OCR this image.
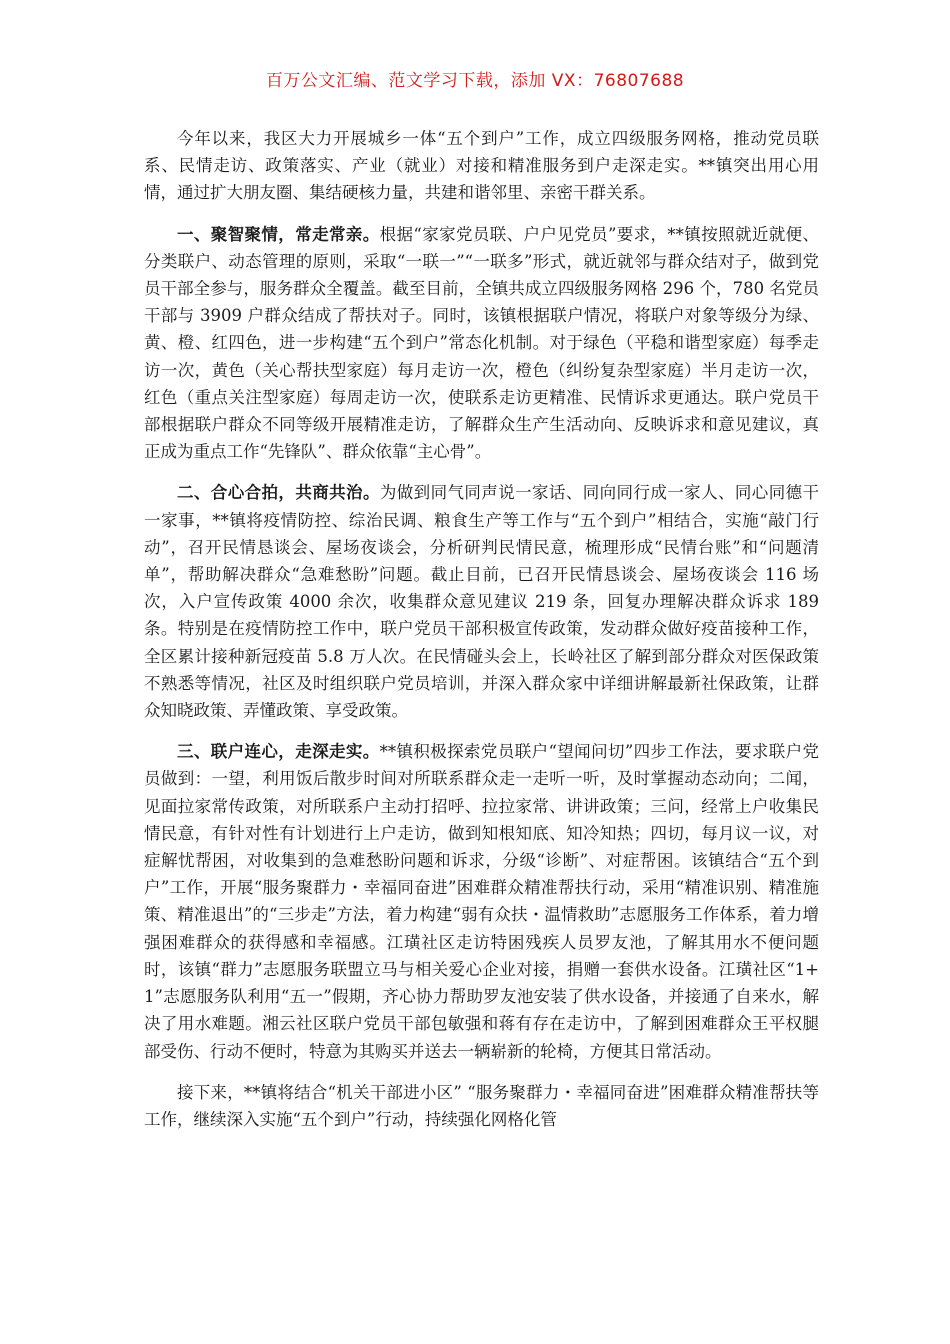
百万公文汇编、范文学习下载，添加 VX：76807688

今年以来，我区大力开展城乡一体“五个到户”工作，成立四级服务网格，推动党员联系、民情走访、政策落实、产业（就业）对接和精准服务到户走深走实。**镇突出用心用情，通过扩大朋友圈、集结硬核力量，共建和谐邻里、亲密干群关系。

一、聚智聚情，常走常亲。根据“家家党员联、户户见党员”要求，**镇按照就近就便、分类联户、动态管理的原则，采取“一联一”“一联多”形式，就近就邻与群众结对子，做到党员干部全参与，服务群众全覆盖。截至目前，全镇共成立四级服务网格 296 个，780 名党员干部与 3909 户群众结成了帮扶对子。同时，该镇根据联户情况，将联户对象等级分为绿、黄、橙、红四色，进一步构建“五个到户”常态化机制。对于绿色（平稳和谐型家庭）每季走访一次，黄色（关心帮扶型家庭）每月走访一次，橙色（纠纷复杂型家庭）半月走访一次，红色（重点关注型家庭）每周走访一次，使联系走访更精准、民情诉求更通达。联户党员干部根据联户群众不同等级开展精准走访，了解群众生产生活动向、反映诉求和意见建议，真正成为重点工作“先锋队”、群众依靠“主心骨”。

二、合心合拍，共商共治。为做到同气同声说一家话、同向同行成一家人、同心同德干一家事，**镇将疫情防控、综治民调、粮食生产等工作与“五个到户”相结合，实施“敲门行动”，召开民情恳谈会、屋场夜谈会，分析研判民情民意，梳理形成“民情台账”和“问题清单”，帮助解决群众“急难愁盼”问题。截止目前，已召开民情恳谈会、屋场夜谈会 116 场次，入户宣传政策 4000 余次，收集群众意见建议 219 条，回复办理解决群众诉求 189 条。特别是在疫情防控工作中，联户党员干部积极宣传政策，发动群众做好疫苗接种工作，全区累计接种新冠疫苗 5.8 万人次。在民情碰头会上，长岭社区了解到部分群众对医保政策不熟悉等情况，社区及时组织联户党员培训，并深入群众家中详细讲解最新社保政策，让群众知晓政策、弄懂政策、享受政策。

三、联户连心，走深走实。**镇积极探索党员联户“望闻问切”四步工作法，要求联户党员做到：一望，利用饭后散步时间对所联系群众走一走听一听，及时掌握动态动向；二闻，见面拉家常传政策，对所联系户主动打招呼、拉拉家常、讲讲政策；三问，经常上户收集民情民意，有针对性有计划进行上户走访，做到知根知底、知冷知热；四切，每月议一议，对症解忧帮困，对收集到的急难愁盼问题和诉求，分级“诊断”、对症帮困。该镇结合“五个到户”工作，开展“服务聚群力・幸福同奋进”困难群众精准帮扶行动，采用“精准识别、精准施策、精准退出”的“三步走”方法，着力构建“弱有众扶・温情救助”志愿服务工作体系，着力增强困难群众的获得感和幸福感。江璜社区走访特困残疾人员罗友池，了解其用水不便问题时，该镇“群力”志愿服务联盟立马与相关爱心企业对接，捐赠一套供水设备。江璜社区“1+1”志愿服务队利用“五一”假期，齐心协力帮助罗友池安装了供水设备，并接通了自来水，解决了用水难题。湘云社区联户党员干部包敏强和蒋有存在走访中，了解到困难群众王平权腿部受伤、行动不便时，特意为其购买并送去一辆崭新的轮椅，方便其日常活动。

接下来，**镇将结合“机关干部进小区” “服务聚群力・幸福同奋进”困难群众精准帮扶等工作，继续深入实施“五个到户”行动，持续强化网格化管
